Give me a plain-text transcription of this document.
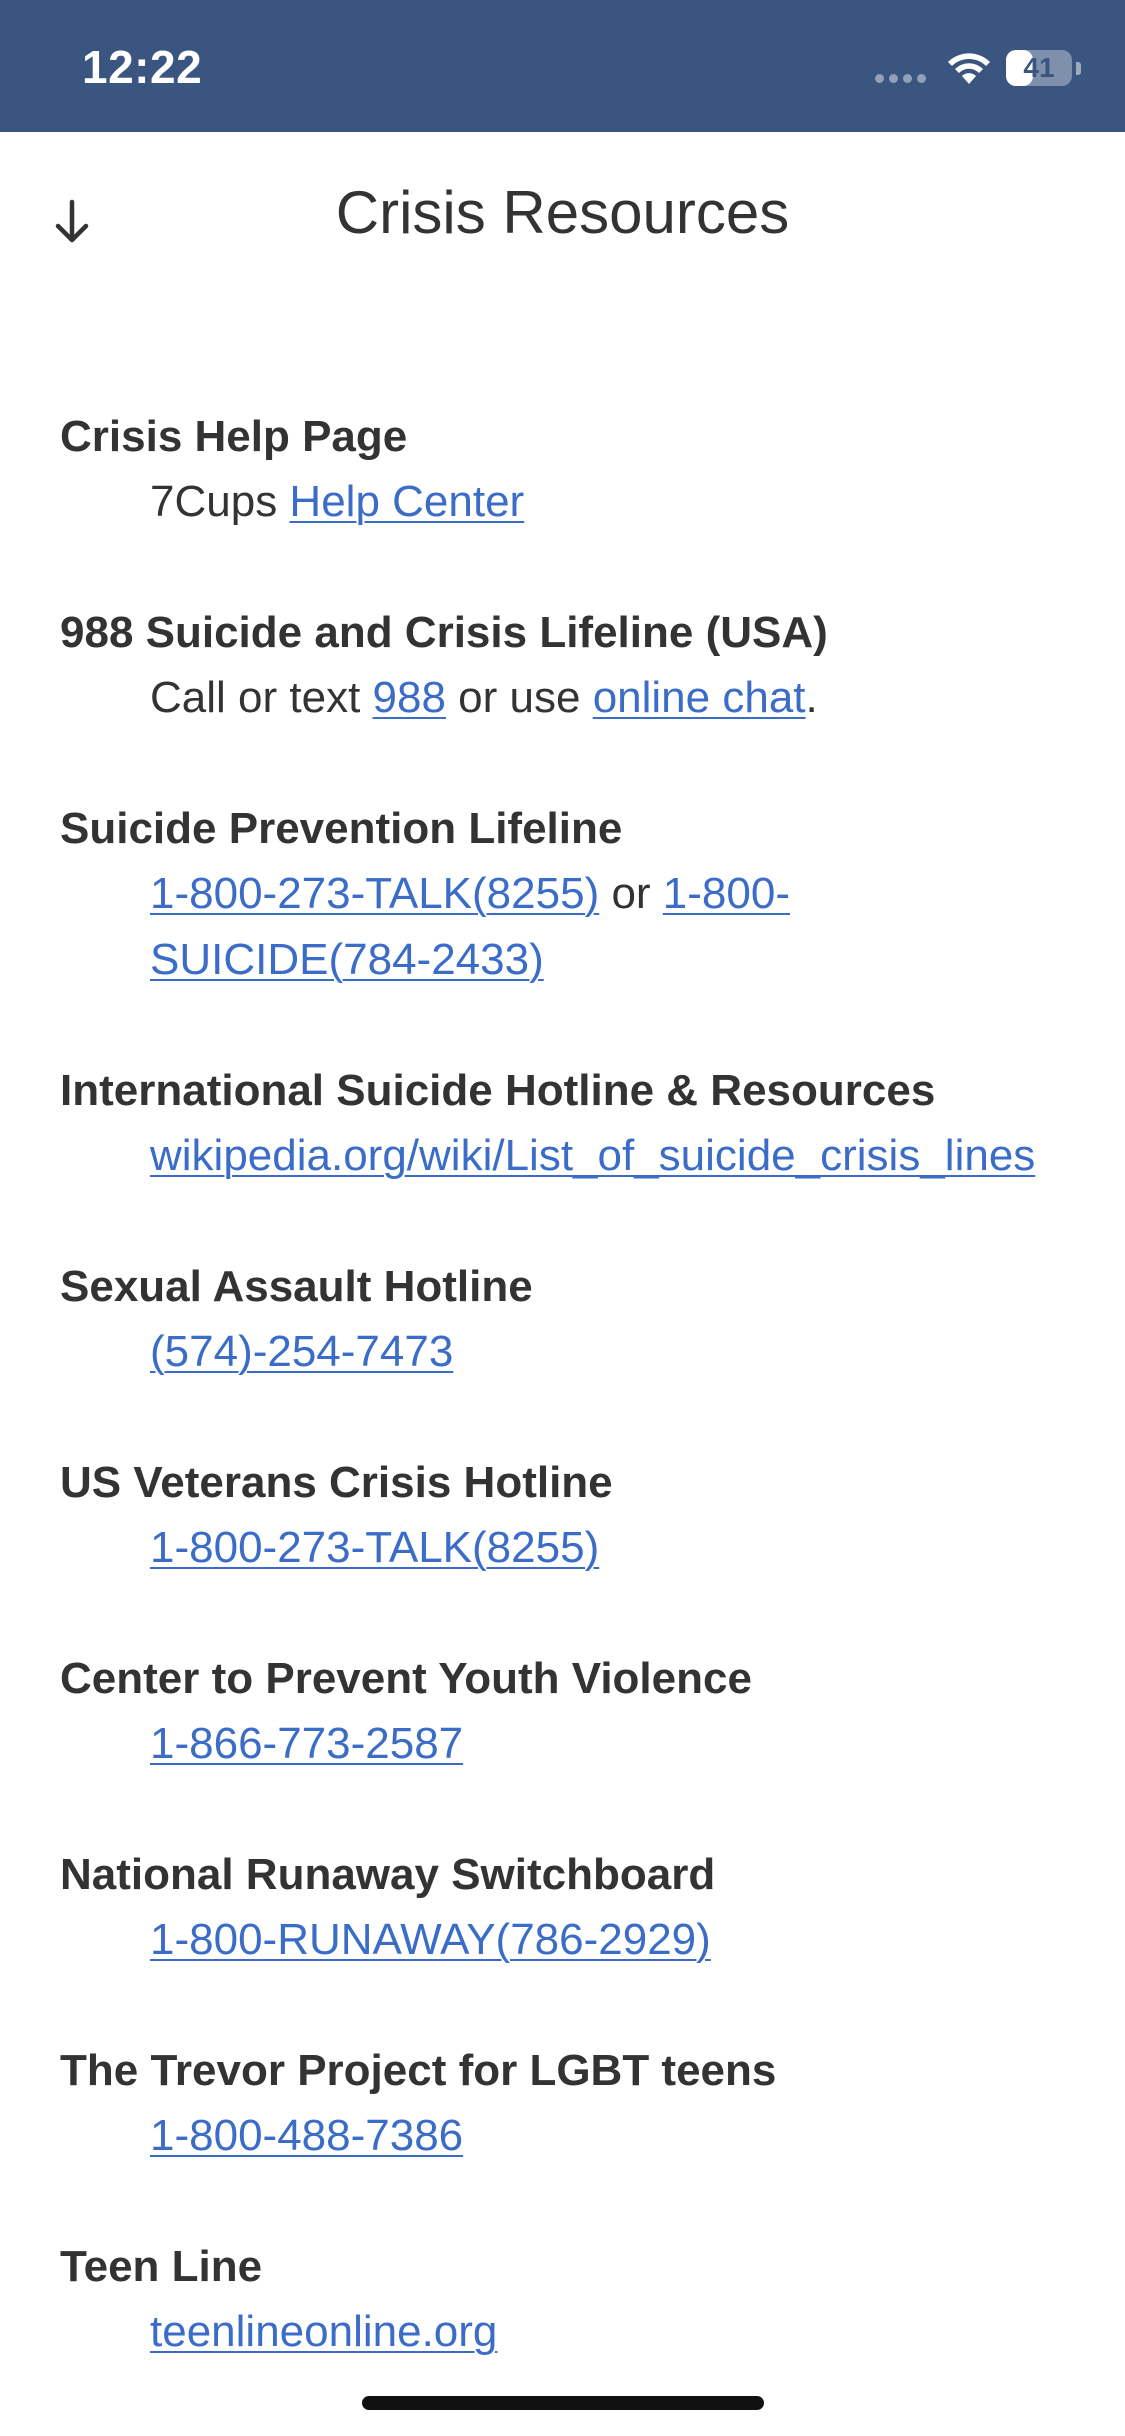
12:22	41
Crisis Resources
Crisis Help Page
7Cups Help Center
988 Suicide and Crisis Lifeline (USA)
Call or text 988 or use online chat.
Suicide Prevention Lifeline
1-800-273-TALK(8255) or 1-800-SUICIDE(784-2433)
International Suicide Hotline & Resources
wikipedia.org/wiki/List_of_suicide_crisis_lines
Sexual Assault Hotline
(574)-254-7473
US Veterans Crisis Hotline
1-800-273-TALK(8255)
Center to Prevent Youth Violence
1-866-773-2587
National Runaway Switchboard
1-800-RUNAWAY(786-2929)
The Trevor Project for LGBT teens
1-800-488-7386
Teen Line
teenlineonline.org
